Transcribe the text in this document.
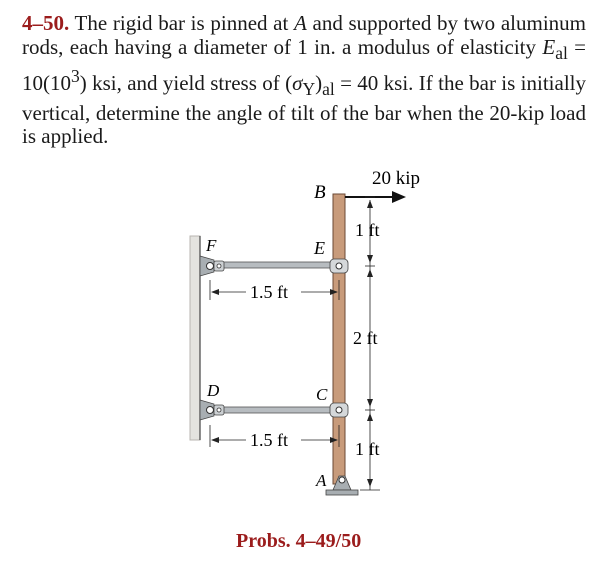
4–50. The rigid bar is pinned at A and supported by two aluminum rods, each having a diameter of 1 in. a modulus of elasticity $E_{al} = 10(10^3)$ ksi, and yield stress of $(\sigma_Y)_{al} = 40$ ksi. If the bar is initially vertical, determine the angle of tilt of the bar when the 20-kip load is applied.

20 kip
B
E
F
D	C
A
1.5 ft
1.5 ft
1 ft
2 ft
1 ft
Probs. 4–49/50
